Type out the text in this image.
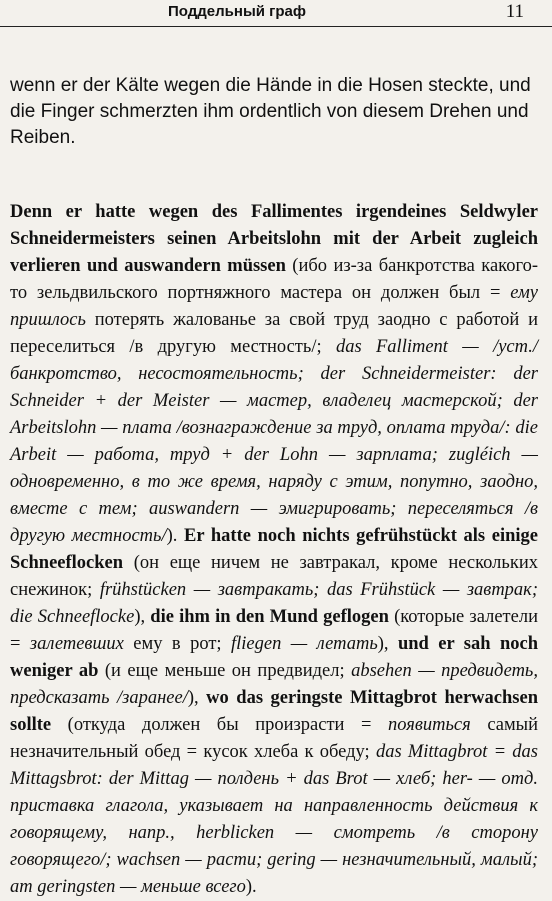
Поддельный граф	11

wenn er der Kälte wegen die Hände in die Hosen steckte, und die Finger schmerzten ihm ordentlich von diesem Drehen und Reiben.

Denn er hatte wegen des Fallimentes irgendeines Seldwyler Schneidermeisters seinen Arbeitslohn mit der Arbeit zugleich verlieren und auswandern müssen (ибо из-за банкротства какого-то зельдвильского портняжного мастера он должен был = ему пришлось потерять жалованье за свой труд заодно с работой и переселиться /в другую местность/; das Falliment — /уст./ банкротство, несостоятельность; der Schneidermeister: der Schneider + der Meister — мастер, владелец мастерской; der Arbeitslohn — плата /вознаграждение за труд, оплата труда/: die Arbeit — работа, труд + der Lohn — зарплата; zugléich — одновременно, в то же время, наряду с этим, попутно, заодно, вместе с тем; auswandern — эмигрировать; переселяться /в другую местность/). Er hatte noch nichts gefrühstückt als einige Schneeflocken (он еще ничем не завтракал, кроме нескольких снежинок; frühstücken — завтракать; das Frühstück — завтрак; die Schneeflocke), die ihm in den Mund geflogen (которые залетели = залетевших ему в рот; fliegen — летать), und er sah noch weniger ab (и еще меньше он предвидел; absehen — предвидеть, предсказать /заранее/), wo das geringste Mittagbrot herwachsen sollte (откуда должен бы произрасти = появиться самый незначительный обед = кусок хлеба к обеду; das Mittagbrot = das Mittagsbrot: der Mittag — полдень + das Brot — хлеб; her- — отд. приставка глагола, указывает на направленность действия к говорящему, напр., herblicken — смотреть /в сторону говорящего/; wachsen — расти; gering — незначительный, малый; am geringsten — меньше всего).
